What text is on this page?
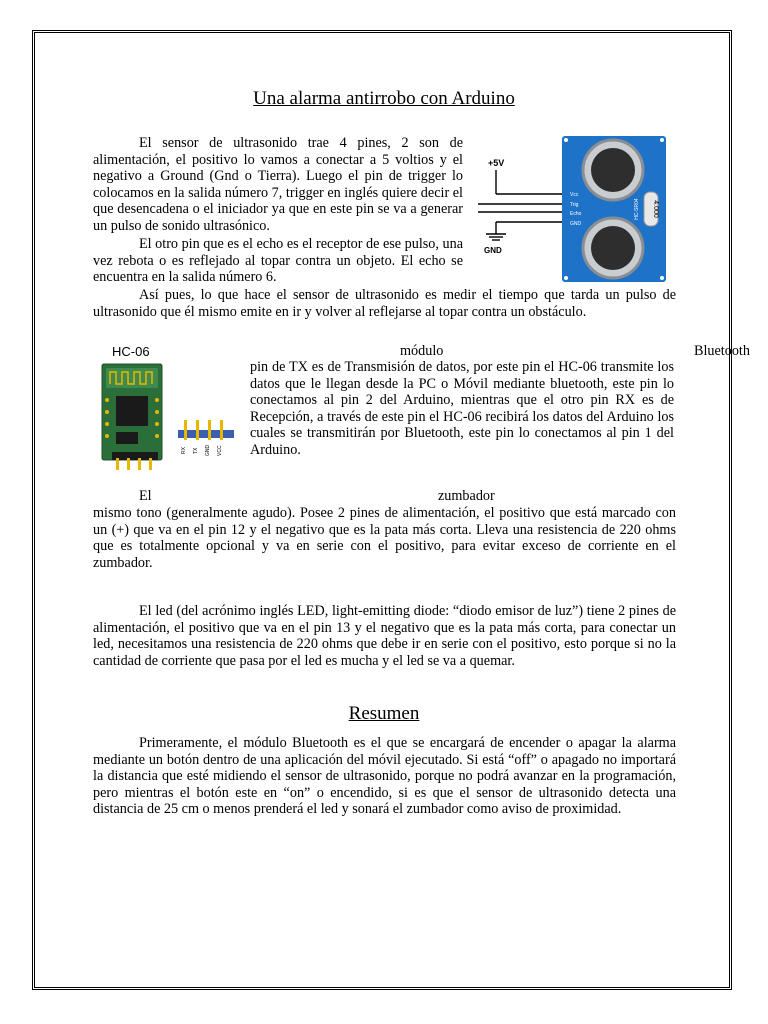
Una alarma antirrobo con Arduino

El sensor de ultrasonido trae 4 pines, 2 son de alimentación, el positivo lo vamos a conectar a 5 voltios y el negativo a Ground (Gnd o Tierra). Luego el pin de trigger lo colocamos en la salida número 7, trigger en inglés quiere decir el que desencadena o el iniciador ya que en este pin se va a generar un pulso de sonido ultrasónico.

El otro pin que es el echo es el receptor de ese pulso, una vez rebota o es reflejado al topar contra un objeto. El echo se encuentra en la salida número 6.

Así pues, lo que hace el sensor de ultrasonido es medir el tiempo que tarda un pulso de ultrasonido que él mismo emite en ir y volver al reflejarse al topar contra un obstáculo.

+5V
GND
4.000
Vcc
Trig
Echo
GND
HC-SR04
módulo	Bluetooth
HC-06
RX TX GND VCC

pin de TX es de Transmisión de datos, por este pin el HC-06 transmite los datos que le llegan desde la PC o Móvil mediante bluetooth, este pin lo conectamos al pin 2 del Arduino, mientras que el otro pin RX es de Recepción, a través de este pin el HC-06 recibirá los datos del Arduino los cuales se transmitirán por Bluetooth, este pin lo conectamos al pin 1 del Arduino.

El	zumbador

mismo tono (generalmente agudo). Posee 2 pines de alimentación, el positivo que está marcado con un (+) que va en el pin 12 y el negativo que es la pata más corta. Lleva una resistencia de 220 ohms que es totalmente opcional y va en serie con el positivo, para evitar exceso de corriente en el zumbador.

El led (del acrónimo inglés LED, light-emitting diode: “diodo emisor de luz”) tiene 2 pines de alimentación, el positivo que va en el pin 13 y el negativo que es la pata más corta, para conectar un led, necesitamos una resistencia de 220 ohms que debe ir en serie con el positivo, esto porque si no la cantidad de corriente que pasa por el led es mucha y el led se va a quemar.

Resumen

Primeramente, el módulo Bluetooth es el que se encargará de encender o apagar la alarma mediante un botón dentro de una aplicación del móvil ejecutado. Si está “off” o apagado no importará la distancia que esté midiendo el sensor de ultrasonido, porque no podrá avanzar en la programación, pero mientras el botón este en “on” o encendido, si es que el sensor de ultrasonido detecta una distancia de 25 cm o menos prenderá el led y sonará el zumbador como aviso de proximidad.
